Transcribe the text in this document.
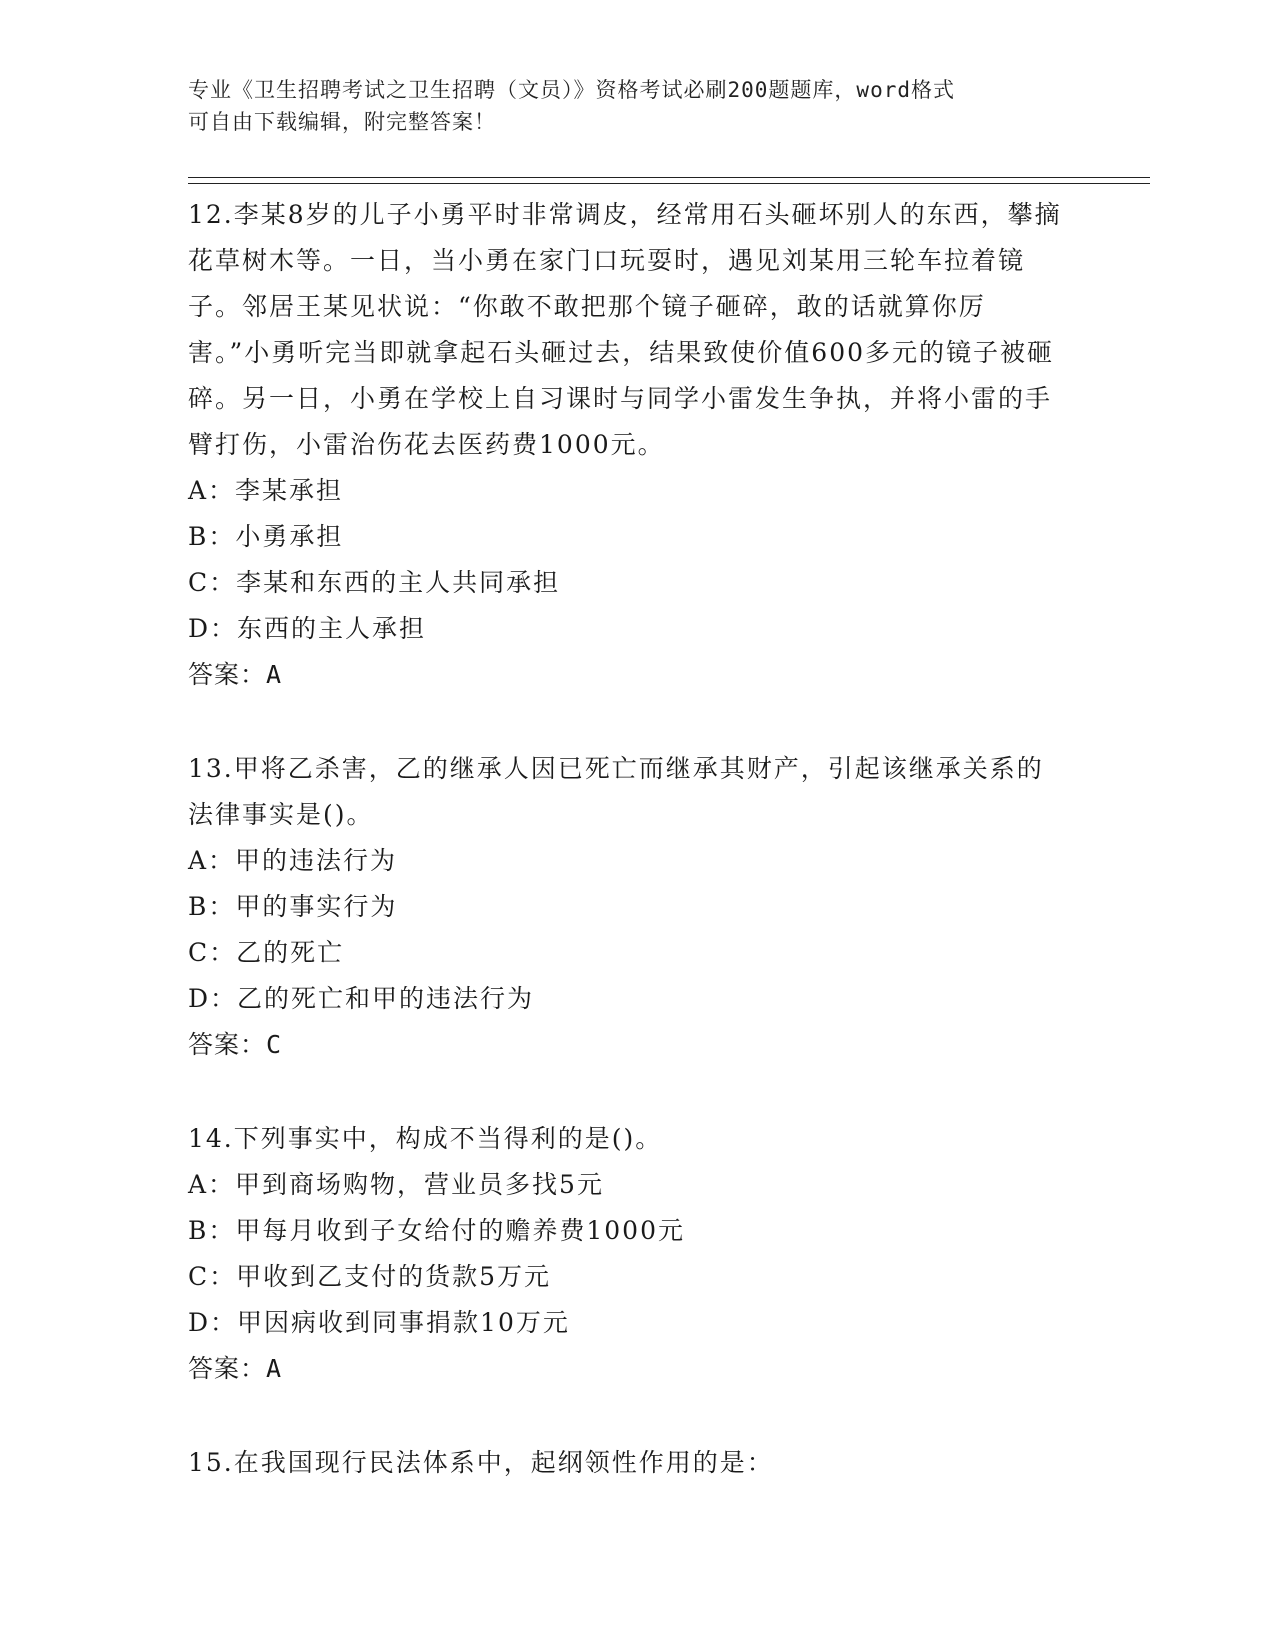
专业《卫生招聘考试之卫生招聘（文员）》资格考试必刷200题题库，word格式
可自由下载编辑，附完整答案！

12.李某8岁的儿子小勇平时非常调皮，经常用石头砸坏别人的东西，攀摘花草树木等。一日，当小勇在家门口玩耍时，遇见刘某用三轮车拉着镜子。邻居王某见状说：“你敢不敢把那个镜子砸碎，敢的话就算你厉害。”小勇听完当即就拿起石头砸过去，结果致使价值600多元的镜子被砸碎。另一日，小勇在学校上自习课时与同学小雷发生争执，并将小雷的手臂打伤，小雷治伤花去医药费1000元。

A：李某承担

B：小勇承担

C：李某和东西的主人共同承担

D：东西的主人承担

答案：A

13.甲将乙杀害，乙的继承人因已死亡而继承其财产，引起该继承关系的法律事实是()。

A：甲的违法行为

B：甲的事实行为

C：乙的死亡

D：乙的死亡和甲的违法行为

答案：C

14.下列事实中，构成不当得利的是()。

A：甲到商场购物，营业员多找5元

B：甲每月收到子女给付的赡养费1000元

C：甲收到乙支付的货款5万元

D：甲因病收到同事捐款10万元

答案：A

15.在我国现行民法体系中，起纲领性作用的是：
